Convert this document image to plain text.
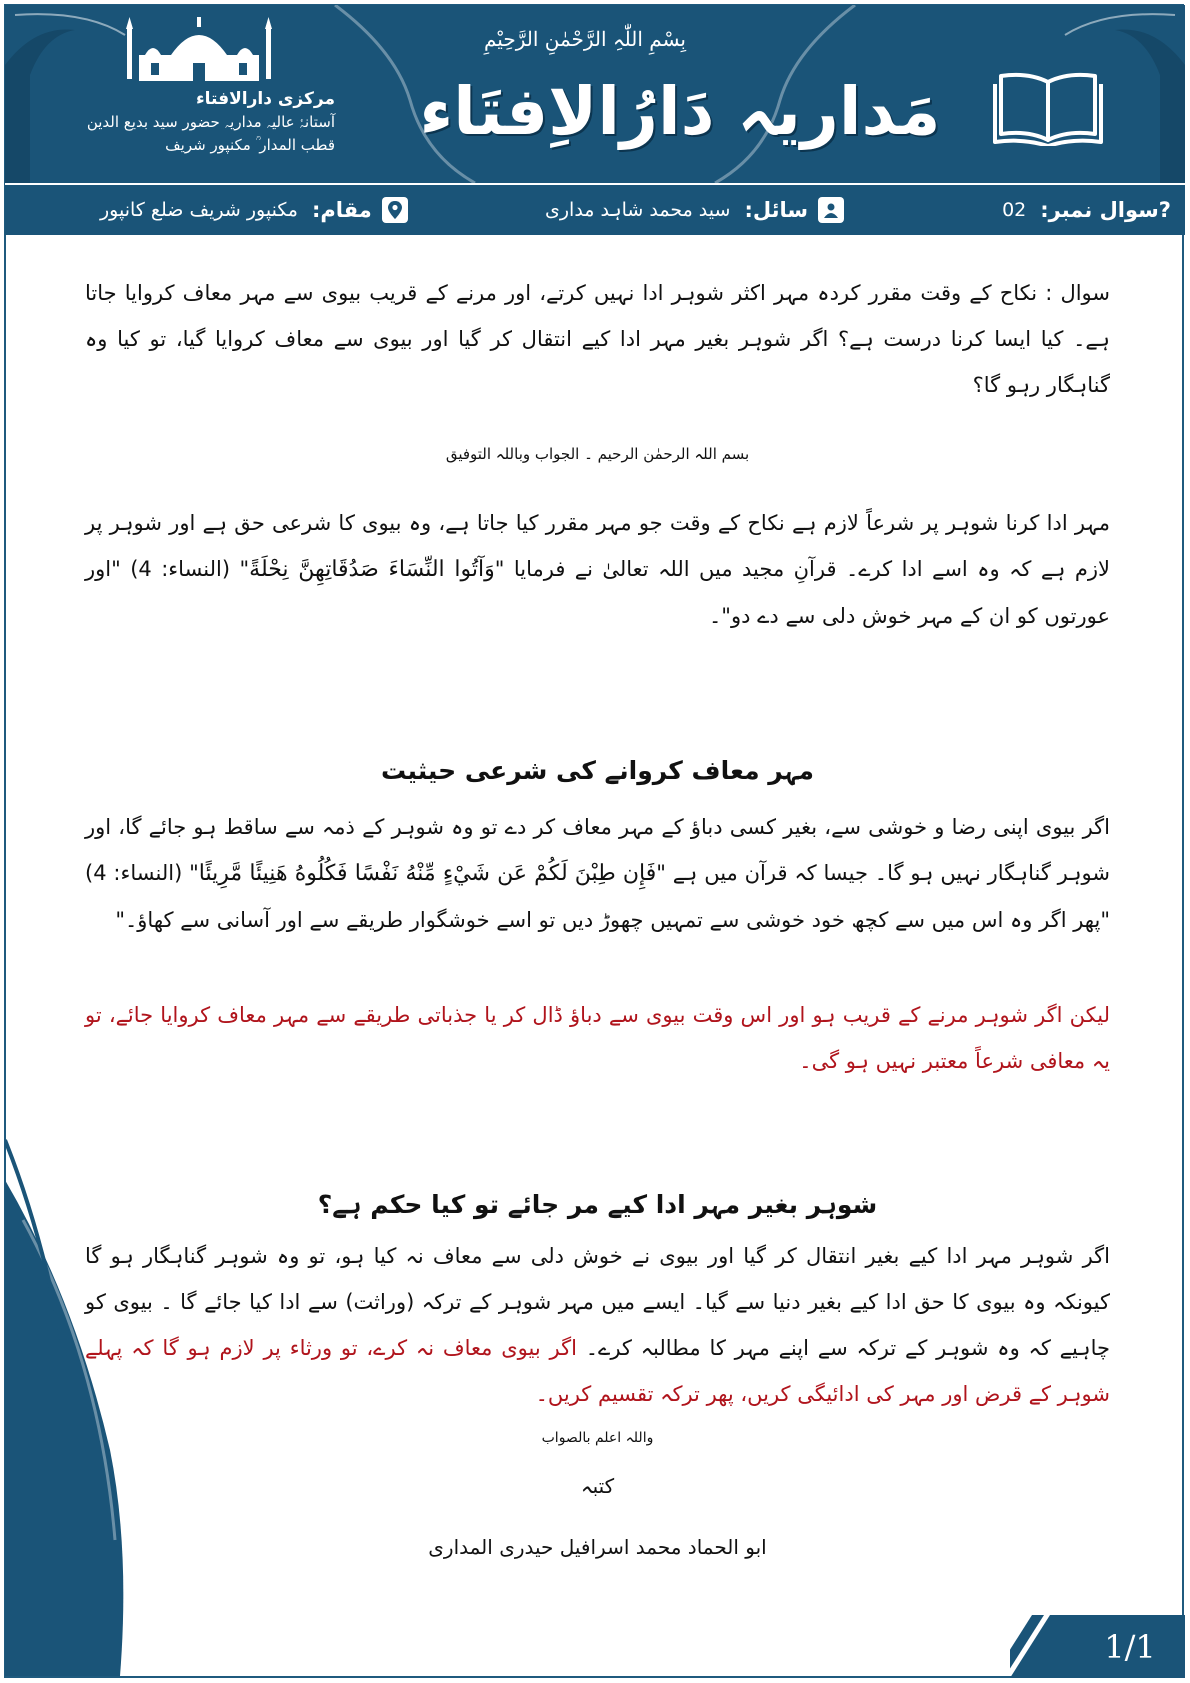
مرکزی دارالافتاء
آستانۂ عالیہ مداریہ حضور سید بدیع الدین قطب المدار ؒ مکنپور شریف
بِسْمِ اللّٰہِ الرَّحْمٰنِ الرَّحِیْمِ
مَداریہ دَارُالاِفتَاء
?سوال نمبر:
02
سائل:
سید محمد شاہد مداری
مقام:
مکنپور شریف ضلع کانپور
سوال : نکاح کے وقت مقرر کردہ مہر اکثر شوہر ادا نہیں کرتے، اور مرنے کے قریب بیوی سے مہر معاف کروایا جاتا ہے۔ کیا ایسا کرنا درست ہے؟ اگر شوہر بغیر مہر ادا کیے انتقال کر گیا اور بیوی سے معاف کروایا گیا، تو کیا وہ گناہگار رہو گا؟
بسم اللہ الرحمٰن الرحیم ۔ الجواب وباللہ التوفیق
مہر ادا کرنا شوہر پر شرعاً لازم ہے نکاح کے وقت جو مہر مقرر کیا جاتا ہے، وہ بیوی کا شرعی حق ہے اور شوہر پر لازم ہے کہ وہ اسے ادا کرے۔ قرآنِ مجید میں اللہ تعالیٰ نے فرمایا "وَآتُوا النِّسَاءَ صَدُقَاتِهِنَّ نِحْلَةً" (النساء: 4) "اور عورتوں کو ان کے مہر خوش دلی سے دے دو"۔
مہر معاف کروانے کی شرعی حیثیت
اگر بیوی اپنی رضا و خوشی سے، بغیر کسی دباؤ کے مہر معاف کر دے تو وہ شوہر کے ذمہ سے ساقط ہو جائے گا، اور شوہر گناہگار نہیں ہو گا۔ جیسا کہ قرآن میں ہے "فَإِن طِبْنَ لَكُمْ عَن شَيْءٍ مِّنْهُ نَفْسًا فَكُلُوهُ هَنِيئًا مَّرِيئًا" (النساء: 4) "پھر اگر وہ اس میں سے کچھ خود خوشی سے تمہیں چھوڑ دیں تو اسے خوشگوار طریقے سے اور آسانی سے کھاؤ۔"
لیکن اگر شوہر مرنے کے قریب ہو اور اس وقت بیوی سے دباؤ ڈال کر یا جذباتی طریقے سے مہر معاف کروایا جائے، تو یہ معافی شرعاً معتبر نہیں ہو گی۔
شوہر بغیر مہر ادا کیے مر جائے تو کیا حکم ہے؟
اگر شوہر مہر ادا کیے بغیر انتقال کر گیا اور بیوی نے خوش دلی سے معاف نہ کیا ہو، تو وہ شوہر گناہگار ہو گا کیونکہ وہ بیوی کا حق ادا کیے بغیر دنیا سے گیا۔ ایسے میں مہر شوہر کے ترکہ (وراثت) سے ادا کیا جائے گا ۔ بیوی کو چاہیے کہ وہ شوہر کے ترکہ سے اپنے مہر کا مطالبہ کرے۔ اگر بیوی معاف نہ کرے، تو ورثاء پر لازم ہو گا کہ پہلے شوہر کے قرض اور مہر کی ادائیگی کریں، پھر ترکہ تقسیم کریں۔
واللہ اعلم بالصواب
کتبہ
ابو الحماد محمد اسرافیل حیدری المداری
1/1
